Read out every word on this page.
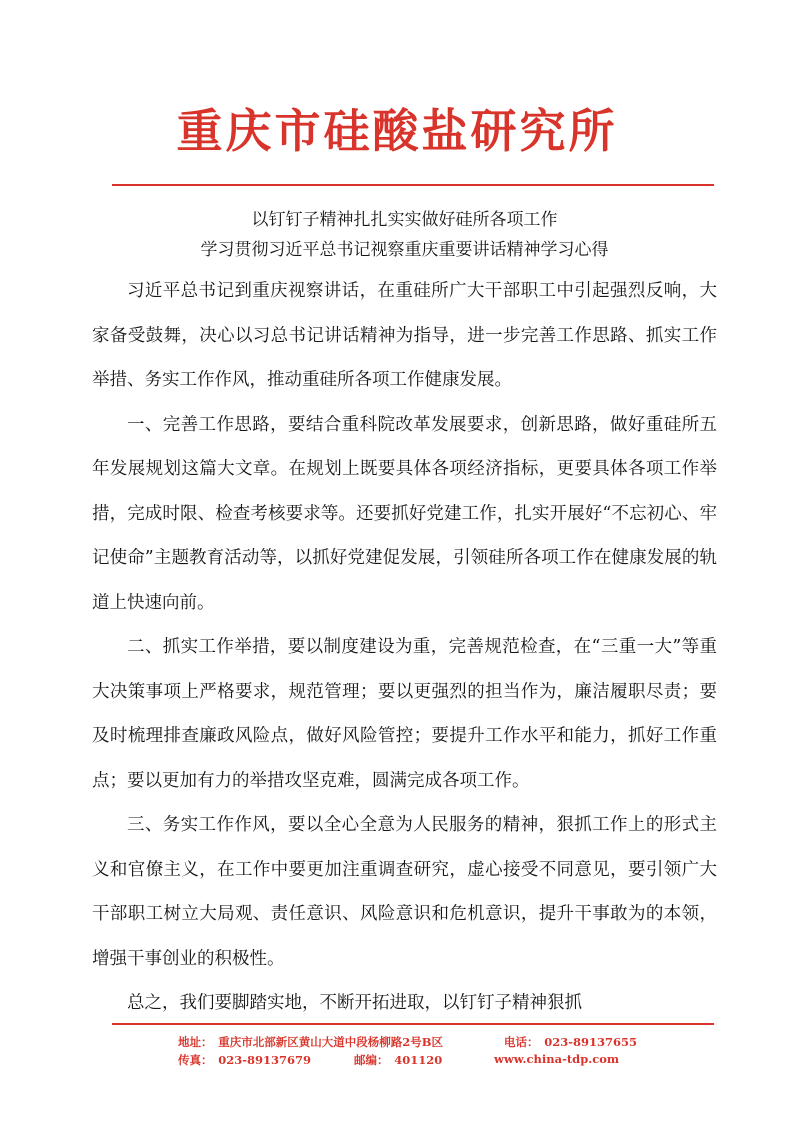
重庆市硅酸盐研究所

以钉钉子精神扎扎实实做好硅所各项工作

学习贯彻习近平总书记视察重庆重要讲话精神学习心得

习近平总书记到重庆视察讲话，在重硅所广大干部职工中引起强烈反响，大家备受鼓舞，决心以习总书记讲话精神为指导，进一步完善工作思路、抓实工作举措、务实工作作风，推动重硅所各项工作健康发展。

一、完善工作思路，要结合重科院改革发展要求，创新思路，做好重硅所五年发展规划这篇大文章。在规划上既要具体各项经济指标，更要具体各项工作举措，完成时限、检查考核要求等。还要抓好党建工作，扎实开展好“不忘初心、牢记使命”主题教育活动等，以抓好党建促发展，引领硅所各项工作在健康发展的轨道上快速向前。

二、抓实工作举措，要以制度建设为重，完善规范检查，在“三重一大”等重大决策事项上严格要求，规范管理；要以更强烈的担当作为，廉洁履职尽责；要及时梳理排查廉政风险点，做好风险管控；要提升工作水平和能力，抓好工作重点；要以更加有力的举措攻坚克难，圆满完成各项工作。

三、务实工作作风，要以全心全意为人民服务的精神，狠抓工作上的形式主义和官僚主义，在工作中要更加注重调查研究，虚心接受不同意见，要引领广大干部职工树立大局观、责任意识、风险意识和危机意识，提升干事敢为的本领，增强干事创业的积极性。

总之，我们要脚踏实地，不断开拓进取，以钉钉子精神狠抓

地址：　重庆市北部新区黄山大道中段杨柳路2号B区	电话：　023-89137655
传真：　023-89137679	邮编：　401120	www.china-tdp.com
